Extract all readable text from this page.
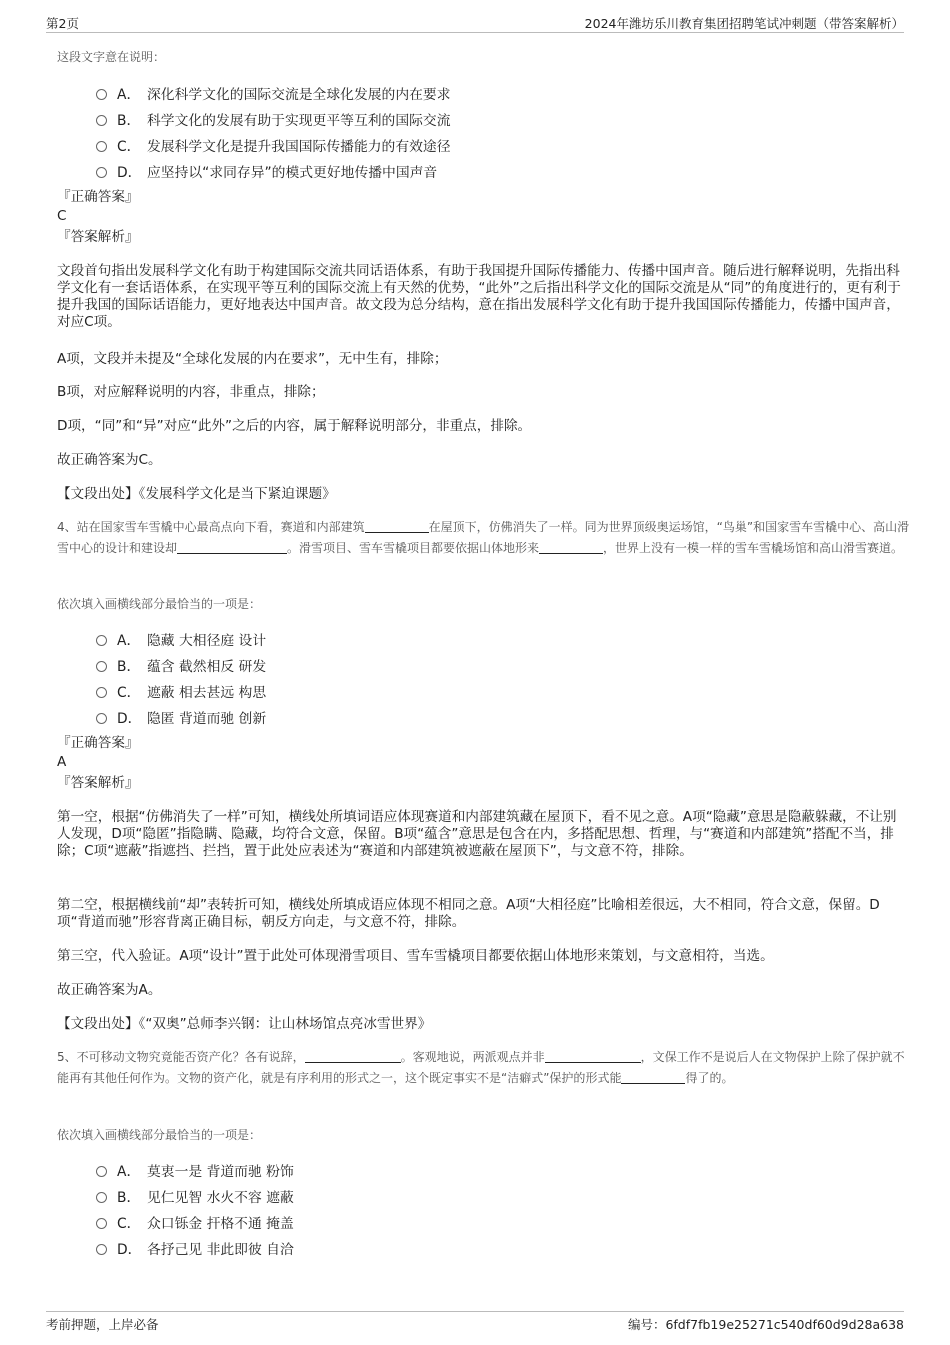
第2页	2024年潍坊乐川教育集团招聘笔试冲刺题（带答案解析）

这段文字意在说明：

A． 深化科学文化的国际交流是全球化发展的内在要求
B． 科学文化的发展有助于实现更平等互利的国际交流
C． 发展科学文化是提升我国国际传播能力的有效途径
D． 应坚持以“求同存异”的模式更好地传播中国声音

『正确答案』

C

『答案解析』

文段首句指出发展科学文化有助于构建国际交流共同话语体系，有助于我国提升国际传播能力、传播中国声音。随后进行解释说明，先指出科学文化有一套话语体系，在实现平等互利的国际交流上有天然的优势，“此外”之后指出科学文化的国际交流是从“同”的角度进行的，更有利于提升我国的国际话语能力，更好地表达中国声音。故文段为总分结构，意在指出发展科学文化有助于提升我国国际传播能力，传播中国声音，对应C项。

A项，文段并未提及“全球化发展的内在要求”，无中生有，排除；

B项，对应解释说明的内容，非重点，排除；

D项，“同”和“异”对应“此外”之后的内容，属于解释说明部分，非重点，排除。

故正确答案为C。

【文段出处】《发展科学文化是当下紧迫课题》

4、站在国家雪车雪橇中心最高点向下看，赛道和内部建筑	在屋顶下，仿佛消失了一样。同为世界顶级奥运场馆，“鸟巢”和国家雪车雪橇中心、高山滑雪中心的设计和建设却	。滑雪项目、雪车雪橇项目都要依据山体地形来	，世界上没有一模一样的雪车雪橇场馆和高山滑雪赛道。

依次填入画横线部分最恰当的一项是：

A． 隐藏 大相径庭 设计
B． 蕴含 截然相反 研发
C． 遮蔽 相去甚远 构思
D． 隐匿 背道而驰 创新

『正确答案』

A

『答案解析』

第一空，根据“仿佛消失了一样”可知，横线处所填词语应体现赛道和内部建筑藏在屋顶下，看不见之意。A项“隐藏”意思是隐蔽躲藏，不让别人发现，D项“隐匿”指隐瞒、隐藏，均符合文意，保留。B项“蕴含”意思是包含在内，多搭配思想、哲理，与“赛道和内部建筑”搭配不当，排除；C项“遮蔽”指遮挡、拦挡，置于此处应表述为“赛道和内部建筑被遮蔽在屋顶下”，与文意不符，排除。

第二空，根据横线前“却”表转折可知，横线处所填成语应体现不相同之意。A项“大相径庭”比喻相差很远，大不相同，符合文意，保留。D项“背道而驰”形容背离正确目标，朝反方向走，与文意不符，排除。

第三空，代入验证。A项“设计”置于此处可体现滑雪项目、雪车雪橇项目都要依据山体地形来策划，与文意相符，当选。

故正确答案为A。

【文段出处】《“双奥”总师李兴钢：让山林场馆点亮冰雪世界》

5、不可移动文物究竟能否资产化？各有说辞，	。客观地说，两派观点并非	，文保工作不是说后人在文物保护上除了保护就不能再有其他任何作为。文物的资产化，就是有序利用的形式之一，这个既定事实不是“洁癖式”保护的形式能	得了的。

依次填入画横线部分最恰当的一项是：

A． 莫衷一是 背道而驰 粉饰
B． 见仁见智 水火不容 遮蔽
C． 众口铄金 扞格不通 掩盖
D． 各抒己见 非此即彼 自洽
考前押题，上岸必备	编号：6fdf7fb19e25271c540df60d9d28a638
